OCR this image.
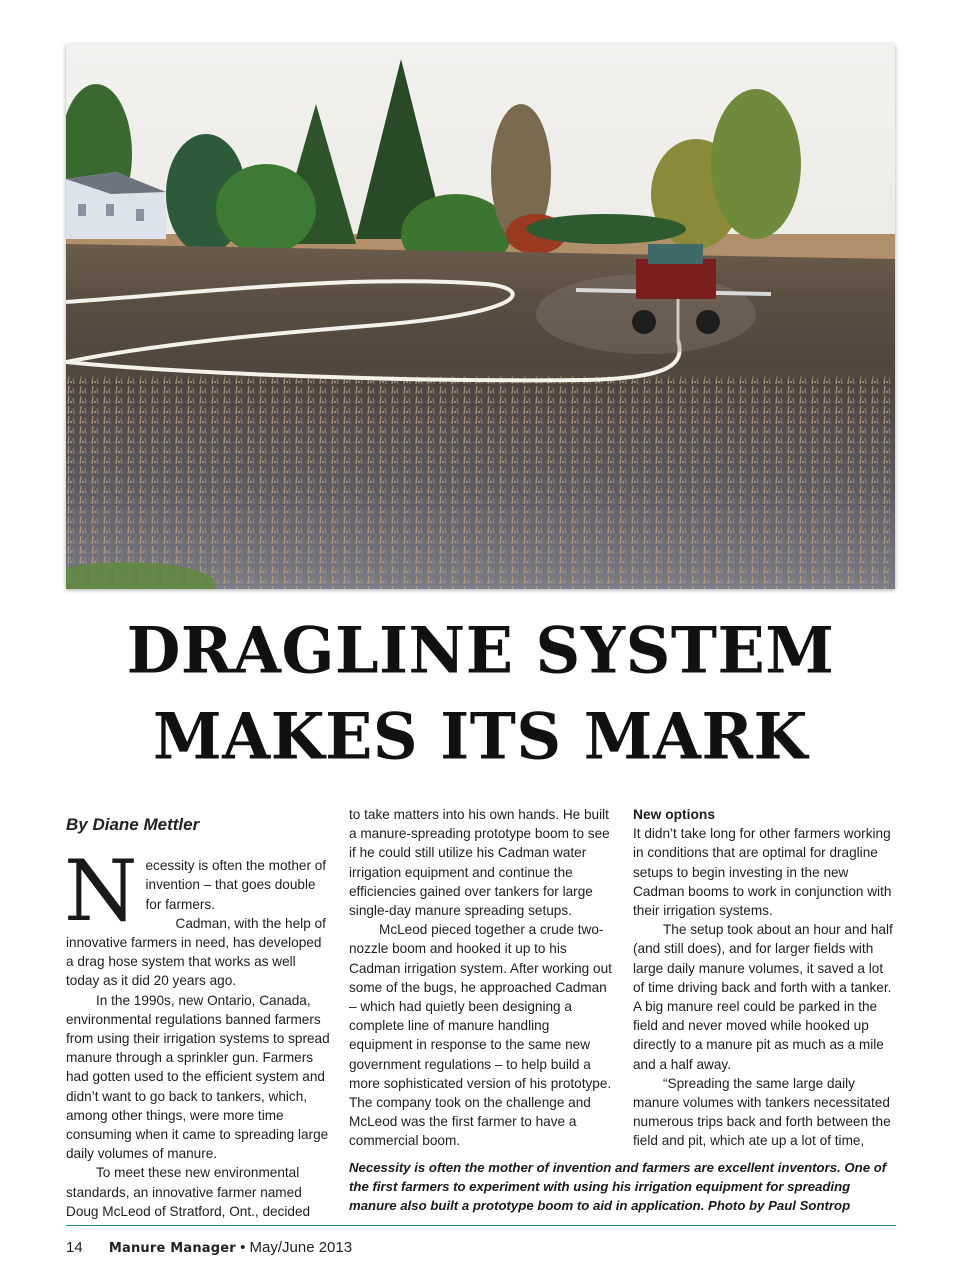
DRAGLINE SYSTEM
MAKES ITS MARK

By Diane Mettler

N ecessity is often the mother of invention – that goes double for farmers.

Cadman, with the help of innovative farmers in need, has developed a drag hose system that works as well today as it did 20 years ago.

In the 1990s, new Ontario, Canada, environmental regulations banned farmers from using their irrigation systems to spread manure through a sprinkler gun. Farmers had gotten used to the efficient system and didn’t want to go back to tankers, which, among other things, were more time consuming when it came to spreading large daily volumes of manure.

To meet these new environmental standards, an innovative farmer named Doug McLeod of Stratford, Ont., decided

to take matters into his own hands. He built a manure-spreading prototype boom to see if he could still utilize his Cadman water irrigation equipment and continue the efficiencies gained over tankers for large single-day manure spreading setups.

McLeod pieced together a crude two-nozzle boom and hooked it up to his Cadman irrigation system. After working out some of the bugs, he approached Cadman – which had quietly been designing a complete line of manure handling equipment in response to the same new government regulations – to help build a more sophisticated version of his prototype. The company took on the challenge and McLeod was the first farmer to have a commercial boom.

New options

It didn’t take long for other farmers working in conditions that are optimal for dragline setups to begin investing in the new Cadman booms to work in conjunction with their irrigation systems.

The setup took about an hour and half (and still does), and for larger fields with large daily manure volumes, it saved a lot of time driving back and forth with a tanker. A big manure reel could be parked in the field and never moved while hooked up directly to a manure pit as much as a mile and a half away.

“Spreading the same large daily manure volumes with tankers necessitated numerous trips back and forth between the field and pit, which ate up a lot of time,

Necessity is often the mother of invention and farmers are excellent inventors. One of the first farmers to experiment with using his irrigation equipment for spreading manure also built a prototype boom to aid in application. Photo by Paul Sontrop
14 Manure Manager • May/June 2013
